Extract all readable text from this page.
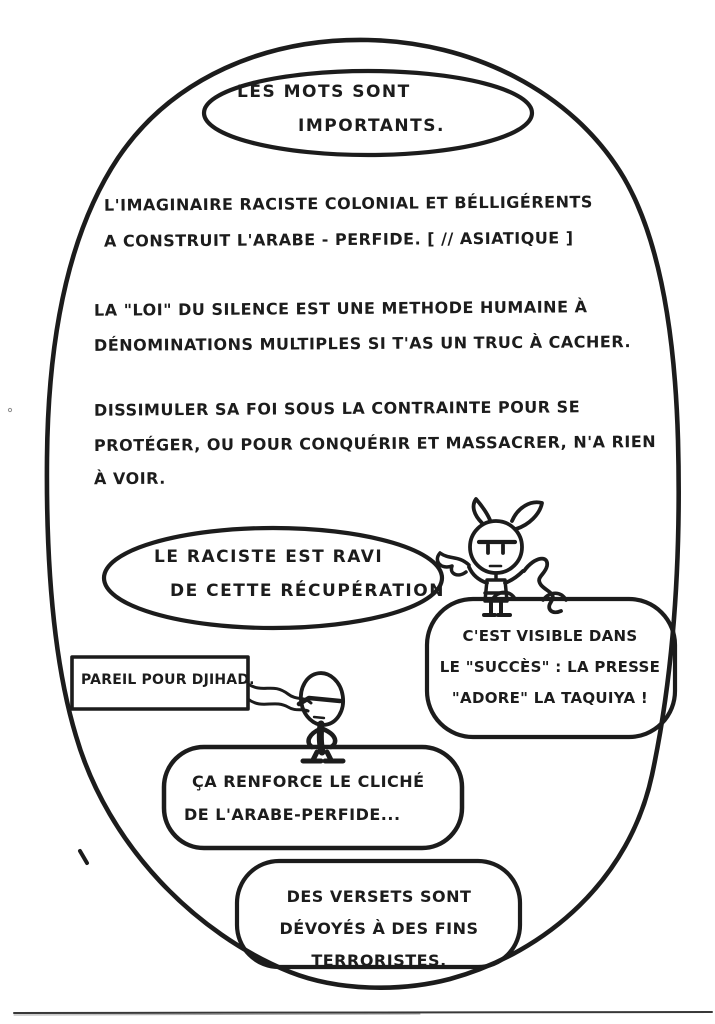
LES MOTS SONT
IMPORTANTS.
L'IMAGINAIRE RACISTE COLONIAL ET BÉLLIGÉRENTS
A CONSTRUIT L'ARABE - PERFIDE. [ // ASIATIQUE ]
LA "LOI" DU SILENCE EST UNE METHODE HUMAINE À
DÉNOMINATIONS MULTIPLES SI T'AS UN TRUC À CACHER.
DISSIMULER SA FOI SOUS LA CONTRAINTE POUR SE
PROTÉGER, OU POUR CONQUÉRIR ET MASSACRER, N'A RIEN
À VOIR.
LE RACISTE EST RAVI
DE CETTE RÉCUPÉRATION
C'EST VISIBLE DANS
LE "SUCCÈS" : LA PRESSE
"ADORE" LA TAQUIYA !
PAREIL POUR DJIHAD.
ÇA RENFORCE LE CLICHÉ
DE L'ARABE-PERFIDE...
DES VERSETS SONT
DÉVOYÉS À DES FINS
TERRORISTES.
